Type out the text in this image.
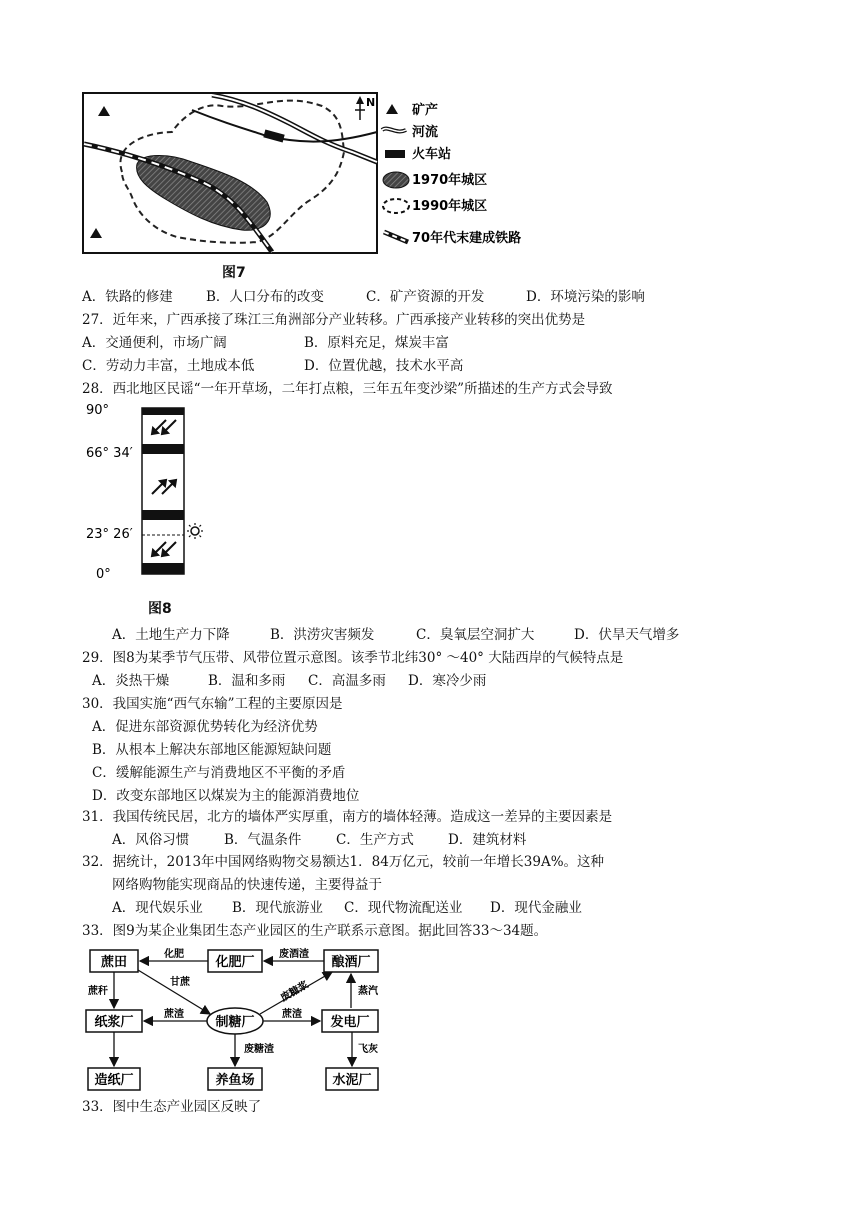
N
矿产
河流
火车站
1970年城区
1990年城区
70年代末建成铁路
图7
A．铁路的修建 B．人口分布的改变	C．矿产资源的开发	D．环境污染的影响
27．近年来，广西承接了珠江三角洲部分产业转移。广西承接产业转移的突出优势是
A．交通便利，市场广阔	B．原料充足，煤炭丰富
C．劳动力丰富，土地成本低	D．位置优越，技术水平高
28．西北地区民谣“一年开草场，二年打点粮，三年五年变沙梁”所描述的生产方式会导致
90°
66° 34′
23° 26′
0°
图8
A．土地生产力下降	B．洪涝灾害频发	C．臭氧层空洞扩大	D．伏旱天气增多
29．图8为某季节气压带、风带位置示意图。该季节北纬30° ～40° 大陆西岸的气候特点是
A．炎热干燥	B．温和多雨 C．高温多雨 D．寒冷少雨
30．我国实施“西气东输”工程的主要原因是
A．促进东部资源优势转化为经济优势
B．从根本上解决东部地区能源短缺问题
C．缓解能源生产与消费地区不平衡的矛盾
D．改变东部地区以煤炭为主的能源消费地位
31．我国传统民居，北方的墙体严实厚重，南方的墙体轻薄。造成这一差异的主要因素是
A．风俗习惯	B．气温条件	C．生产方式	D．建筑材料
32．据统计，2013年中国网络购物交易额达1．84万亿元，较前一年增长39A%。这种
网络购物能实现商品的快速传递，主要得益于
A．现代娱乐业 B．现代旅游业 C．现代物流配送业 D．现代金融业
33．图9为某企业集团生态产业园区的生产联系示意图。据此回答33～34题。
蔗田	化肥厂	酿酒厂
纸浆厂	制糖厂	发电厂
造纸厂	养鱼场	水泥厂
化肥	废酒渣
甘蔗	废糖浆
蔗秆	蒸汽
蔗渣	蔗渣
废糖渣	飞灰
33．图中生态产业园区反映了
